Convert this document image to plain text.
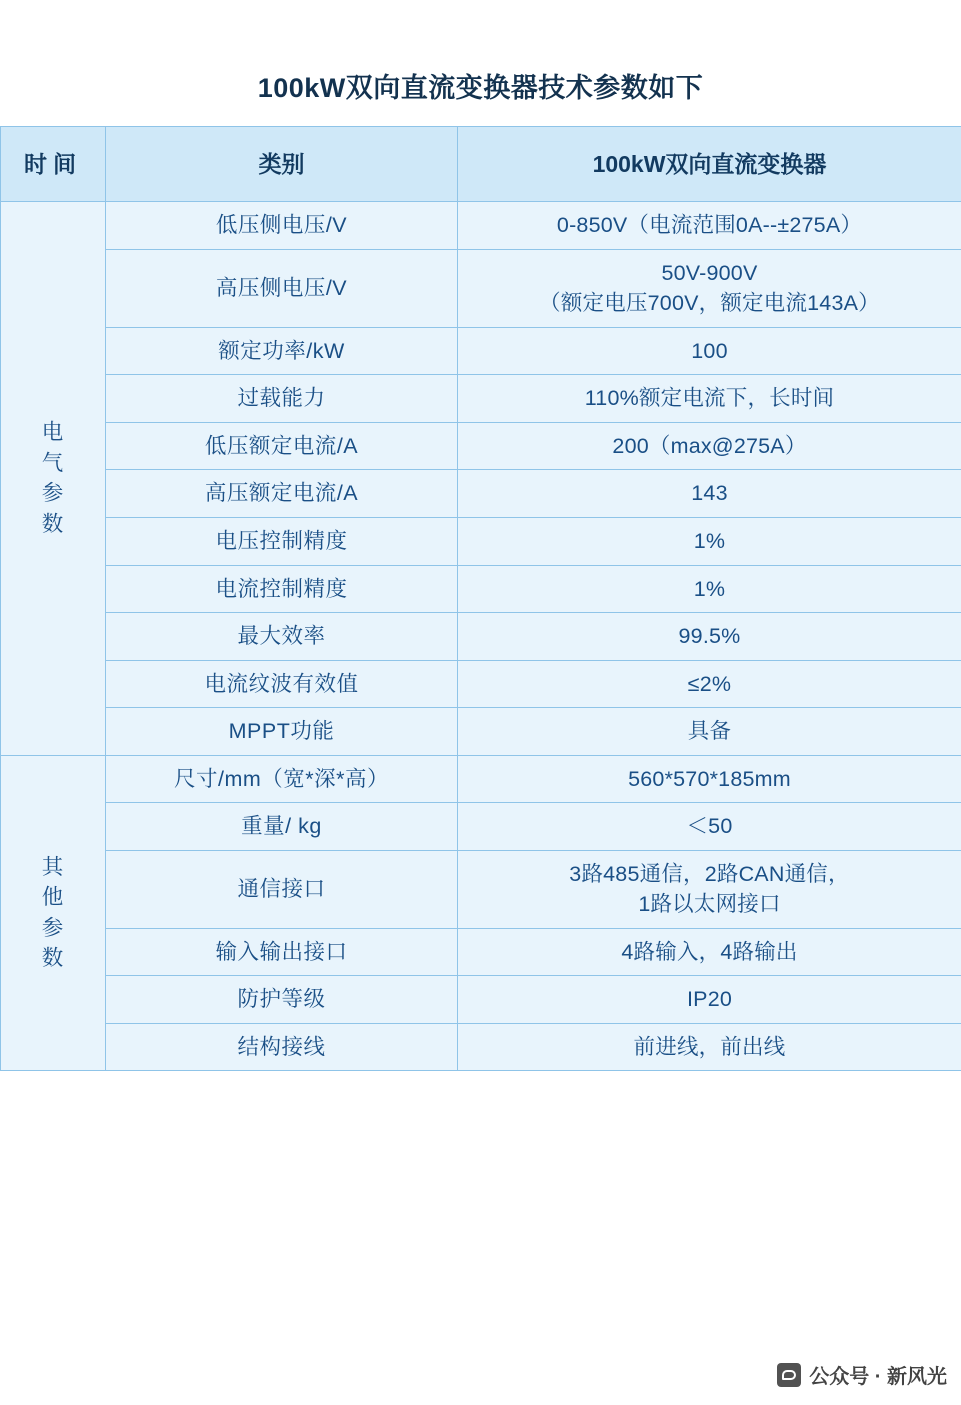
100kW双向直流变换器技术参数如下
时间	类别	100kW双向直流变换器

电
气
参
数	低压侧电压/V	0-850V（电流范围0A--±275A）
	高压侧电压/V	50V-900V
（额定电压700V，额定电流143A）

	额定功率/kW	100
	过载能力	110%额定电流下，长时间
	低压额定电流/A	200（max@275A）
	高压额定电流/A	143
	电压控制精度	1%
	电流控制精度	1%
	最大效率	99.5%
	电流纹波有效值	≤2%
	MPPT功能	具备

其
他
参
数	尺寸/mm（宽*深*高）	560*570*185mm
	重量/ kg	＜50
	通信接口	3路485通信，2路CAN通信，
1路以太网接口

	输入输出接口	4路输入，4路输出
	防护等级	IP20
	结构接线	前进线，前出线
公众号 · 新风光
